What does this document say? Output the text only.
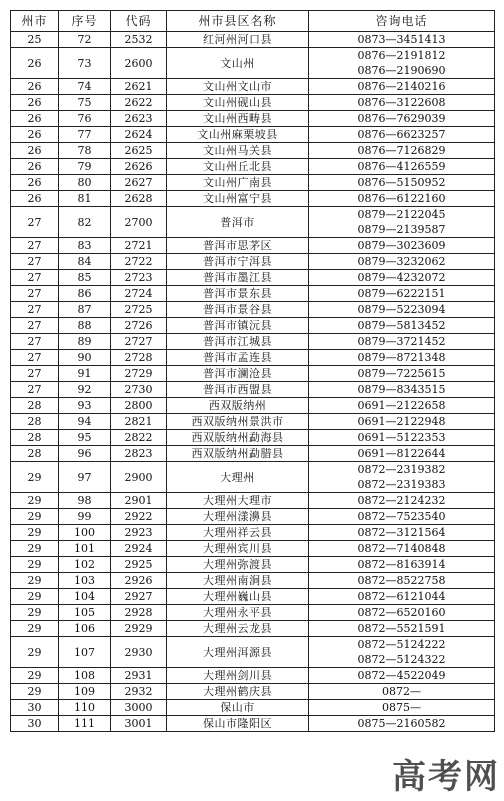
州市	序号	代码	州市县区名称	咨询电话
25	72	2532	红河州河口县	0873—3451413

26	73	2600	文山州	0876—2191812
0876—2190690

26	74	2621	文山州文山市	0876—2140216

26	75	2622	文山州砚山县	0876—3122608

26	76	2623	文山州西畴县	0876—7629039

26	77	2624	文山州麻栗坡县	0876—6623257

26	78	2625	文山州马关县	0876—7126829

26	79	2626	文山州丘北县	0876—4126559

26	80	2627	文山州广南县	0876—5150952

26	81	2628	文山州富宁县	0876—6122160

27	82	2700	普洱市	0879—2122045
0879—2139587

27	83	2721	普洱市思茅区	0879—3023609

27	84	2722	普洱市宁洱县	0879—3232062

27	85	2723	普洱市墨江县	0879—4232072

27	86	2724	普洱市景东县	0879—6222151

27	87	2725	普洱市景谷县	0879—5223094

27	88	2726	普洱市镇沅县	0879—5813452

27	89	2727	普洱市江城县	0879—3721452

27	90	2728	普洱市孟连县	0879—8721348

27	91	2729	普洱市澜沧县	0879—7225615

27	92	2730	普洱市西盟县	0879—8343515

28	93	2800	西双版纳州	0691—2122658

28	94	2821	西双版纳州景洪市	0691—2122948

28	95	2822	西双版纳州勐海县	0691—5122353

28	96	2823	西双版纳州勐腊县	0691—8122644

29	97	2900	大理州	0872—2319382
0872—2319383

29	98	2901	大理州大理市	0872—2124232

29	99	2922	大理州漾濞县	0872—7523540

29	100	2923	大理州祥云县	0872—3121564

29	101	2924	大理州宾川县	0872—7140848

29	102	2925	大理州弥渡县	0872—8163914

29	103	2926	大理州南涧县	0872—8522758

29	104	2927	大理州巍山县	0872—6121044

29	105	2928	大理州永平县	0872—6520160

29	106	2929	大理州云龙县	0872—5521591

29	107	2930	大理州洱源县	0872—5124222
0872—5124322

29	108	2931	大理州剑川县	0872—4522049

29	109	2932	大理州鹤庆县	0872—

30	110	3000	保山市	0875—

30	111	3001	保山市隆阳区	0875—2160582
高考网
